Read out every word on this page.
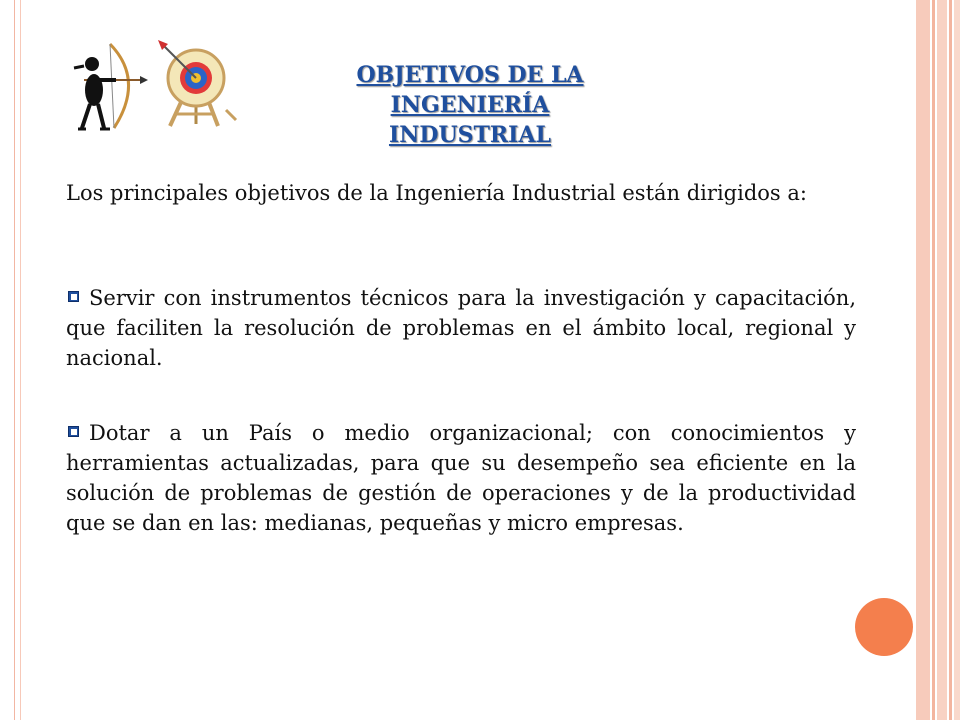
OBJETIVOS DE LA INGENIERÍA
INDUSTRIAL
Los principales objetivos de la Ingeniería Industrial están dirigidos a:
Servir con instrumentos técnicos para la investigación y capacitación, que faciliten la resolución de problemas en el ámbito local, regional y nacional.
Dotar a un País o medio organizacional; con conocimientos y herramientas actualizadas, para que su desempeño sea eficiente en la solución de problemas de gestión de operaciones y de la productividad que se dan en las: medianas, pequeñas y micro empresas.
